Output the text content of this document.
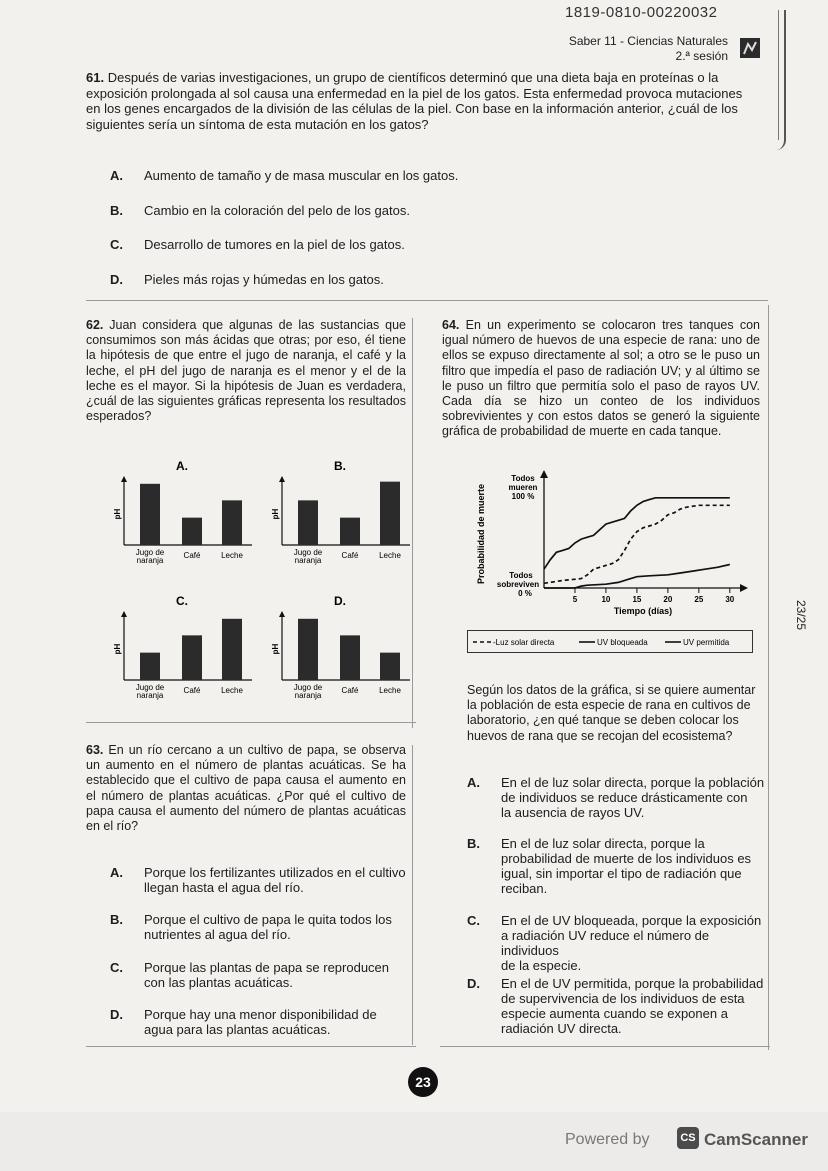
1819-0810-00220032
Saber 11 - Ciencias Naturales
2.ª sesión
61. Después de varias investigaciones, un grupo de científicos determinó que una dieta baja en proteínas o la exposición prolongada al sol causa una enfermedad en la piel de los gatos. Esta enfermedad provoca mutaciones en los genes encargados de la división de las células de la piel. Con base en la información anterior, ¿cuál de los siguientes sería un síntoma de esta mutación en los gatos?
A. Aumento de tamaño y de masa muscular en los gatos.
B. Cambio en la coloración del pelo de los gatos.
C. Desarrollo de tumores en la piel de los gatos.
D. Pieles más rojas y húmedas en los gatos.
62. Juan considera que algunas de las sustancias que consumimos son más ácidas que otras; por eso, él tiene la hipótesis de que entre el jugo de naranja, el café y la leche, el pH del jugo de naranja es el menor y el de la leche es el mayor. Si la hipótesis de Juan es verdadera, ¿cuál de las siguientes gráficas representa los resultados esperados?
A.
pH
Jugo de
naranja
Café	Leche
B.
pH
Jugo de
naranja
Café	Leche
C.
pH
Jugo de
naranja
Café	Leche
D.
pH
Jugo de
naranja
Café	Leche
63. En un río cercano a un cultivo de papa, se observa un aumento en el número de plantas acuáticas. Se ha establecido que el cultivo de papa causa el aumento en el número de plantas acuáticas. ¿Por qué el cultivo de papa causa el aumento del número de plantas acuáticas en el río?
A. Porque los fertilizantes utilizados en el cultivo
llegan hasta el agua del río.
B. Porque el cultivo de papa le quita todos los
nutrientes al agua del río.
C. Porque las plantas de papa se reproducen
con las plantas acuáticas.
D. Porque hay una menor disponibilidad de
agua para las plantas acuáticas.
64. En un experimento se colocaron tres tanques con igual número de huevos de una especie de rana: uno de ellos se expuso directamente al sol; a otro se le puso un filtro que impedía el paso de radiación UV; y al último se le puso un filtro que permitía solo el paso de rayos UV. Cada día se hizo un conteo de los individuos sobrevivientes y con estos datos se generó la siguiente gráfica de probabilidad de muerte en cada tanque.
Probabilidad de muerte
Todos
mueren
100 %
Todos
sobreviven
0 %
5	10	15	20	25	30
Tiempo (días)
-Luz solar directa	UV bloqueada	UV permitida
Según los datos de la gráfica, si se quiere aumentar la población de esta especie de rana en cultivos de laboratorio, ¿en qué tanque se deben colocar los huevos de rana que se recojan del ecosistema?
A. En el de luz solar directa, porque la población
de individuos se reduce drásticamente con
la ausencia de rayos UV.
B. En el de luz solar directa, porque la
probabilidad de muerte de los individuos es
igual, sin importar el tipo de radiación que
reciban.
C. En el de UV bloqueada, porque la exposición
a radiación UV reduce el número de individuos
de la especie.
D. En el de UV permitida, porque la probabilidad
de supervivencia de los individuos de esta
especie aumenta cuando se exponen a
radiación UV directa.
23
23/25
Powered by	CS CamScanner
